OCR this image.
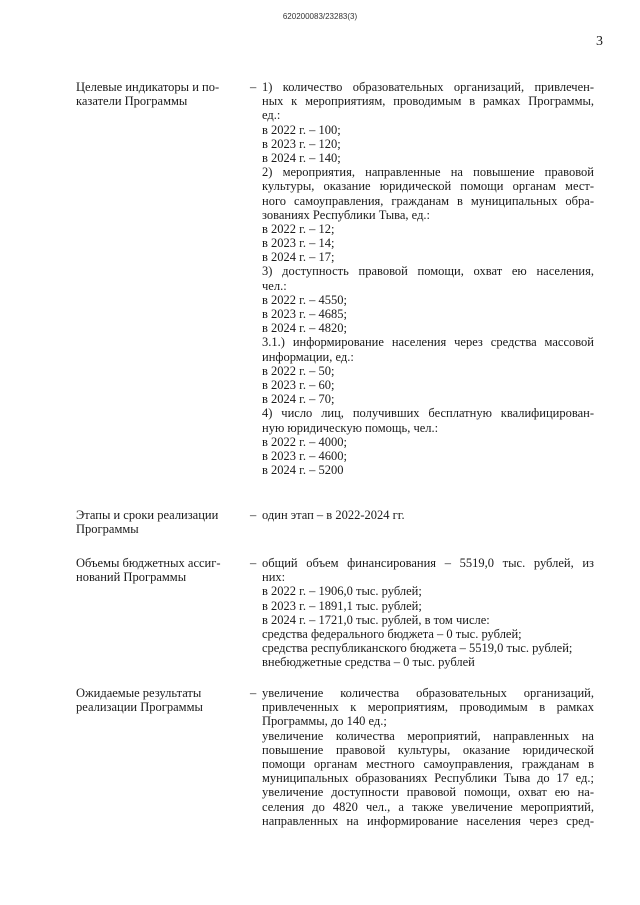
620200083/23283(3)
3
Целевые индикаторы и по-
казатели Программы
– 1) количество образовательных организаций, привлечен-
ных к мероприятиям, проводимым в рамках Программы,
ед.:
в 2022 г. – 100;
в 2023 г. – 120;
в 2024 г. – 140;
2) мероприятия, направленные на повышение правовой
культуры, оказание юридической помощи органам мест-
ного самоуправления, гражданам в муниципальных обра-
зованиях Республики Тыва, ед.:
в 2022 г. – 12;
в 2023 г. – 14;
в 2024 г. – 17;
3) доступность правовой помощи, охват ею населения,
чел.:
в 2022 г. – 4550;
в 2023 г. – 4685;
в 2024 г. – 4820;
3.1.) информирование населения через средства массовой
информации, ед.:
в 2022 г. – 50;
в 2023 г. – 60;
в 2024 г. – 70;
4) число лиц, получивших бесплатную квалифицирован-
ную юридическую помощь, чел.:
в 2022 г. – 4000;
в 2023 г. – 4600;
в 2024 г. – 5200
Этапы и сроки реализации
Программы
– один этап – в 2022-2024 гг.
Объемы бюджетных ассиг-
нований Программы
– общий объем финансирования – 5519,0 тыс. рублей, из
них:
в 2022 г. – 1906,0 тыс. рублей;
в 2023 г. – 1891,1 тыс. рублей;
в 2024 г. – 1721,0 тыс. рублей, в том числе:
средства федерального бюджета – 0 тыс. рублей;
средства республиканского бюджета – 5519,0 тыс. рублей;
внебюджетные средства – 0 тыс. рублей
Ожидаемые результаты
реализации Программы
– увеличение количества образовательных организаций,
привлеченных к мероприятиям, проводимым в рамках
Программы, до 140 ед.;
увеличение количества мероприятий, направленных на
повышение правовой культуры, оказание юридической
помощи органам местного самоуправления, гражданам в
муниципальных образованиях Республики Тыва до 17 ед.;
увеличение доступности правовой помощи, охват ею на-
селения до 4820 чел., а также увеличение мероприятий,
направленных на информирование населения через сред-
